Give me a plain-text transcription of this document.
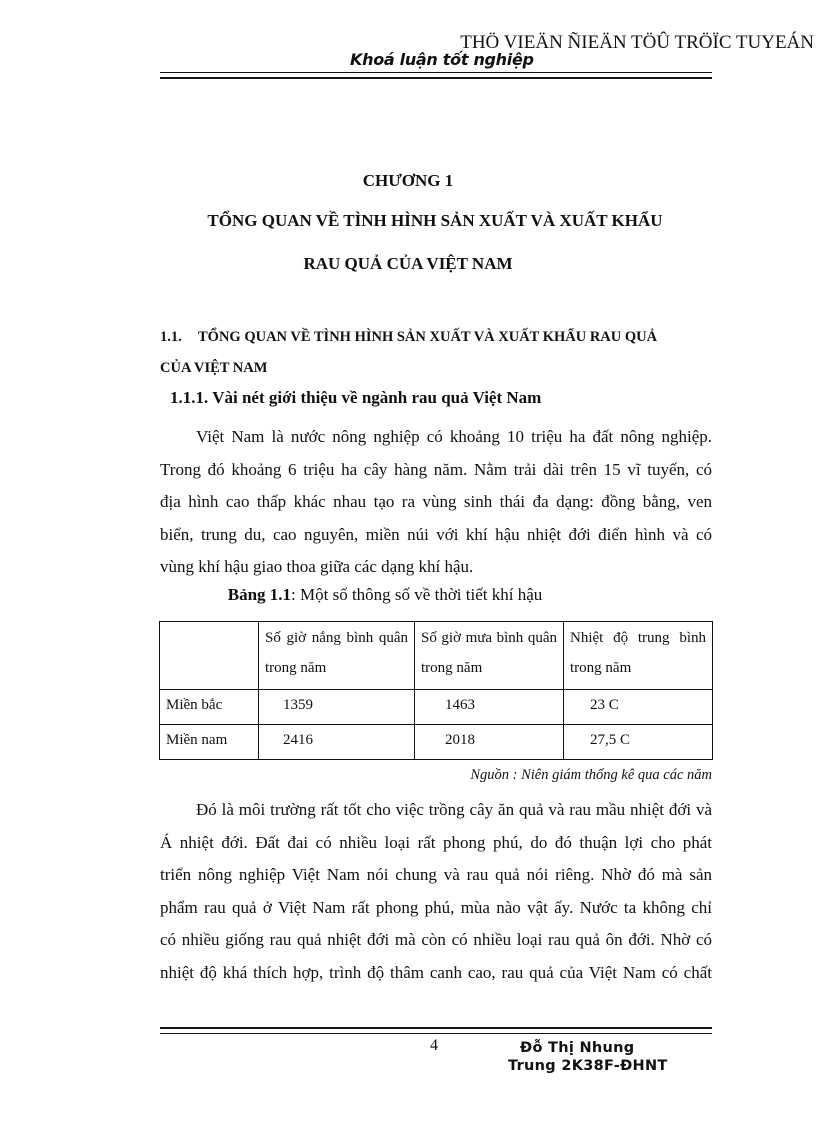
THÖ VIEÄN ÑIEÄN TÖÛ TRÖÏC TUYEÁN
Khoá luận tốt nghiệp
CHƯƠNG 1
TỔNG QUAN VỀ TÌNH HÌNH SẢN XUẤT VÀ XUẤT KHẨU
RAU QUẢ CỦA VIỆT NAM
1.1. TỔNG QUAN VỀ TÌNH HÌNH SẢN XUẤT VÀ XUẤT KHẨU RAU QUẢ
CỦA VIỆT NAM
1.1.1. Vài nét giới thiệu về ngành rau quả Việt Nam
Việt Nam là nước nông nghiệp có khoảng 10 triệu ha đất nông nghiệp.
Trong đó khoảng 6 triệu ha cây hàng năm. Nằm trải dài trên 15 vĩ tuyến, có
địa hình cao thấp khác nhau tạo ra vùng sinh thái đa dạng: đồng bằng, ven
biển, trung du, cao nguyên, miền núi với khí hậu nhiệt đới điển hình và có
vùng khí hậu giao thoa giữa các dạng khí hậu.
Bảng 1.1: Một số thông số về thời tiết khí hậu
	Số giờ nắng bình quân trong năm	Số giờ mưa bình quân trong năm	Nhiệt độ trung bình trong năm
Miền bắc	1359	1463	23 C
Miền nam	2416	2018	27,5 C
Nguồn : Niên giám thống kê qua các năm
Đó là môi trường rất tốt cho việc trồng cây ăn quả và rau mầu nhiệt đới và
Á nhiệt đới. Đất đai có nhiều loại rất phong phú, do đó thuận lợi cho phát
triển nông nghiệp Việt Nam nói chung và rau quả nói riêng. Nhờ đó mà sản
phẩm rau quả ở Việt Nam rất phong phú, mùa nào vật ấy. Nước ta không chỉ
có nhiều giống rau quả nhiệt đới mà còn có nhiều loại rau quả ôn đới. Nhờ có
nhiệt độ khá thích hợp, trình độ thâm canh cao, rau quả của Việt Nam có chất
4	Đỗ Thị Nhung
Trung 2K38F-ĐHNT
